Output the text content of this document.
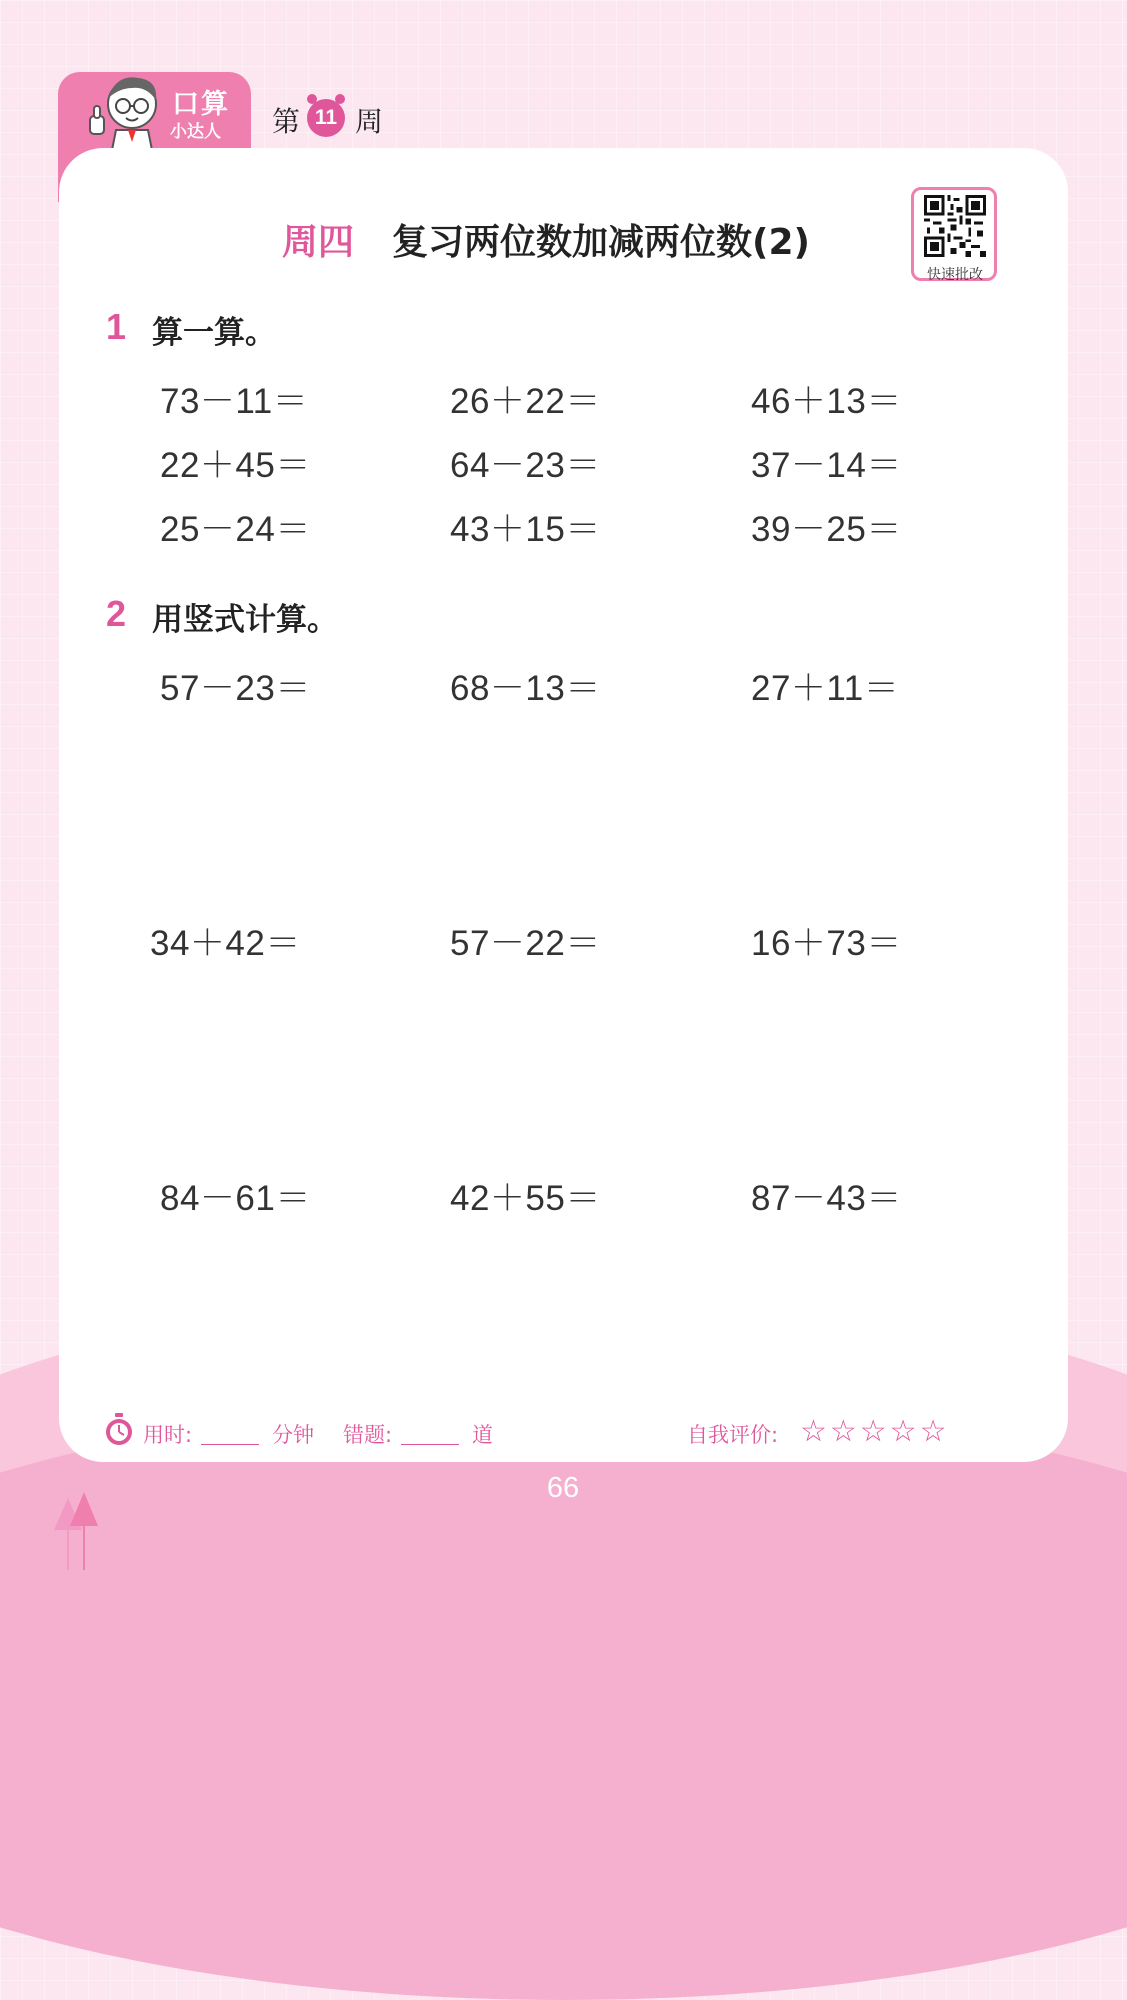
口算
小达人 第 11 周
周四 复习两位数加减两位数(2)
快速批改
1 算一算。
73－11＝	26＋22＝	46＋13＝
22＋45＝	64－23＝	37－14＝
25－24＝	43＋15＝	39－25＝
2 用竖式计算。
57－23＝	68－13＝	27＋11＝
34＋42＝	57－22＝	16＋73＝
84－61＝	42＋55＝	87－43＝
用时:	分钟 错题:	道	自我评价: ☆☆☆☆☆
66
